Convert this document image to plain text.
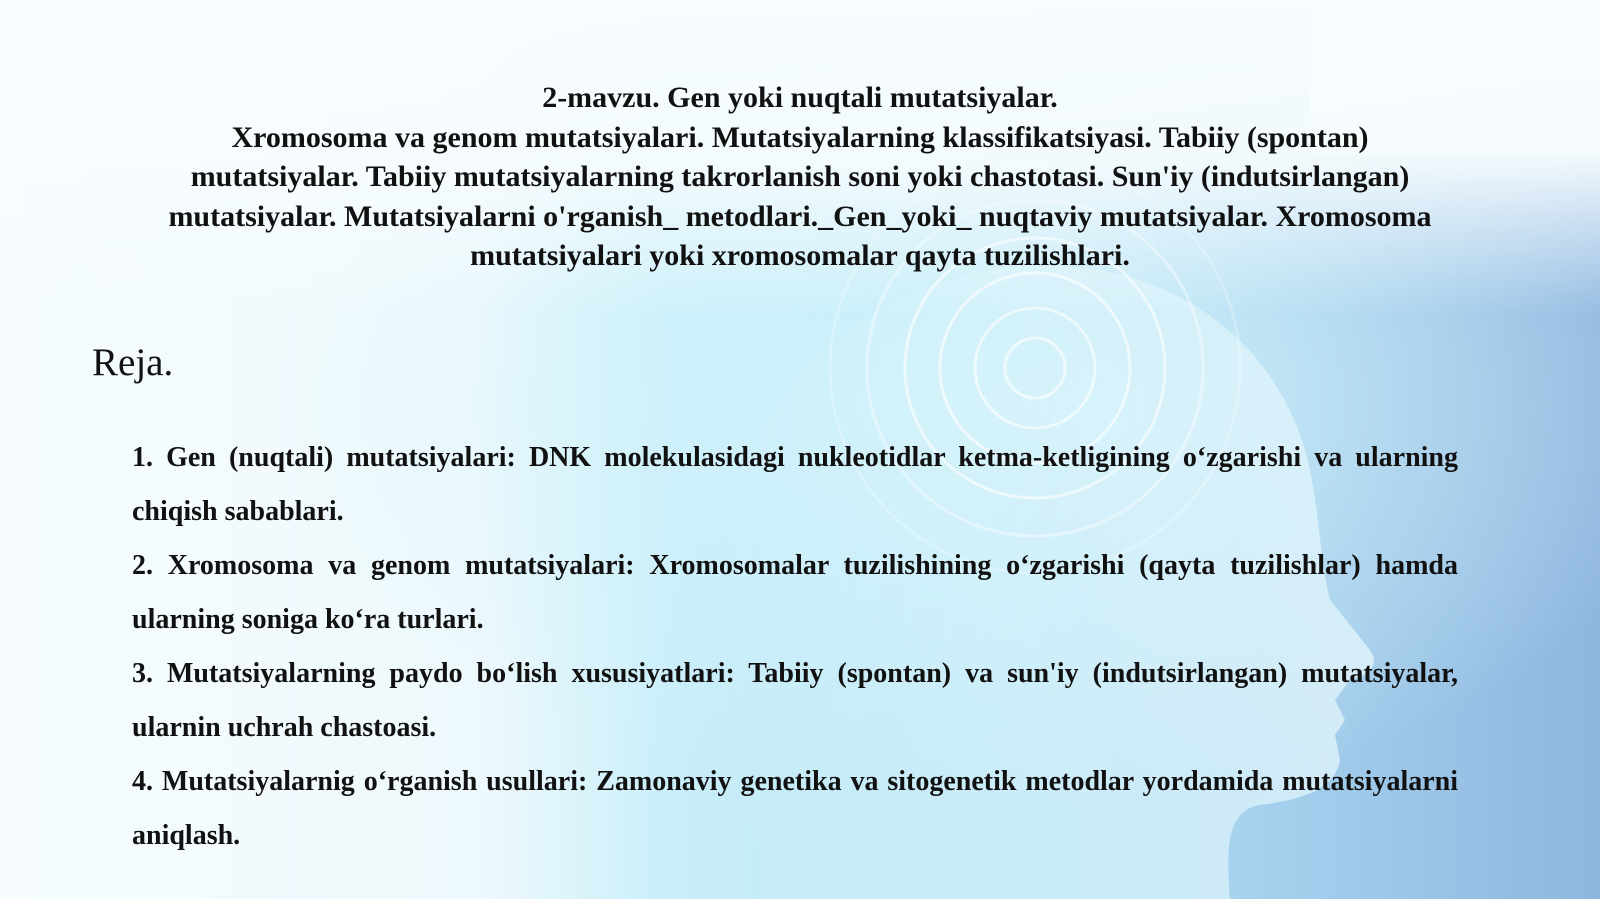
2-mavzu. Gen yoki nuqtali mutatsiyalar.
Xromosoma va genom mutatsiyalari. Mutatsiyalarning klassifikatsiyasi. Tabiiy (spontan) mutatsiyalar. Tabiiy mutatsiyalarning takrorlanish soni yoki chastotasi. Sun'iy (indutsirlangan) mutatsiyalar. Mutatsiyalarni o'rganish_ metodlari._Gen_yoki_ nuqtaviy mutatsiyalar. Xromosoma mutatsiyalari yoki xromosomalar qayta tuzilishlari.
Reja.
1. Gen (nuqtali) mutatsiyalari: DNK molekulasidagi nukleotidlar ketma-ketligining o‘zgarishi va ularning chiqish sabablari.
2. Xromosoma va genom mutatsiyalari: Xromosomalar tuzilishining o‘zgarishi (qayta tuzilishlar) hamda ularning soniga ko‘ra turlari.
3. Mutatsiyalarning paydo bo‘lish xususiyatlari: Tabiiy (spontan) va sun'iy (indutsirlangan) mutatsiyalar, ularnin uchrah chastoasi.
4. Mutatsiyalarnig o‘rganish usullari: Zamonaviy genetika va sitogenetik metodlar yordamida mutatsiyalarni aniqlash.
